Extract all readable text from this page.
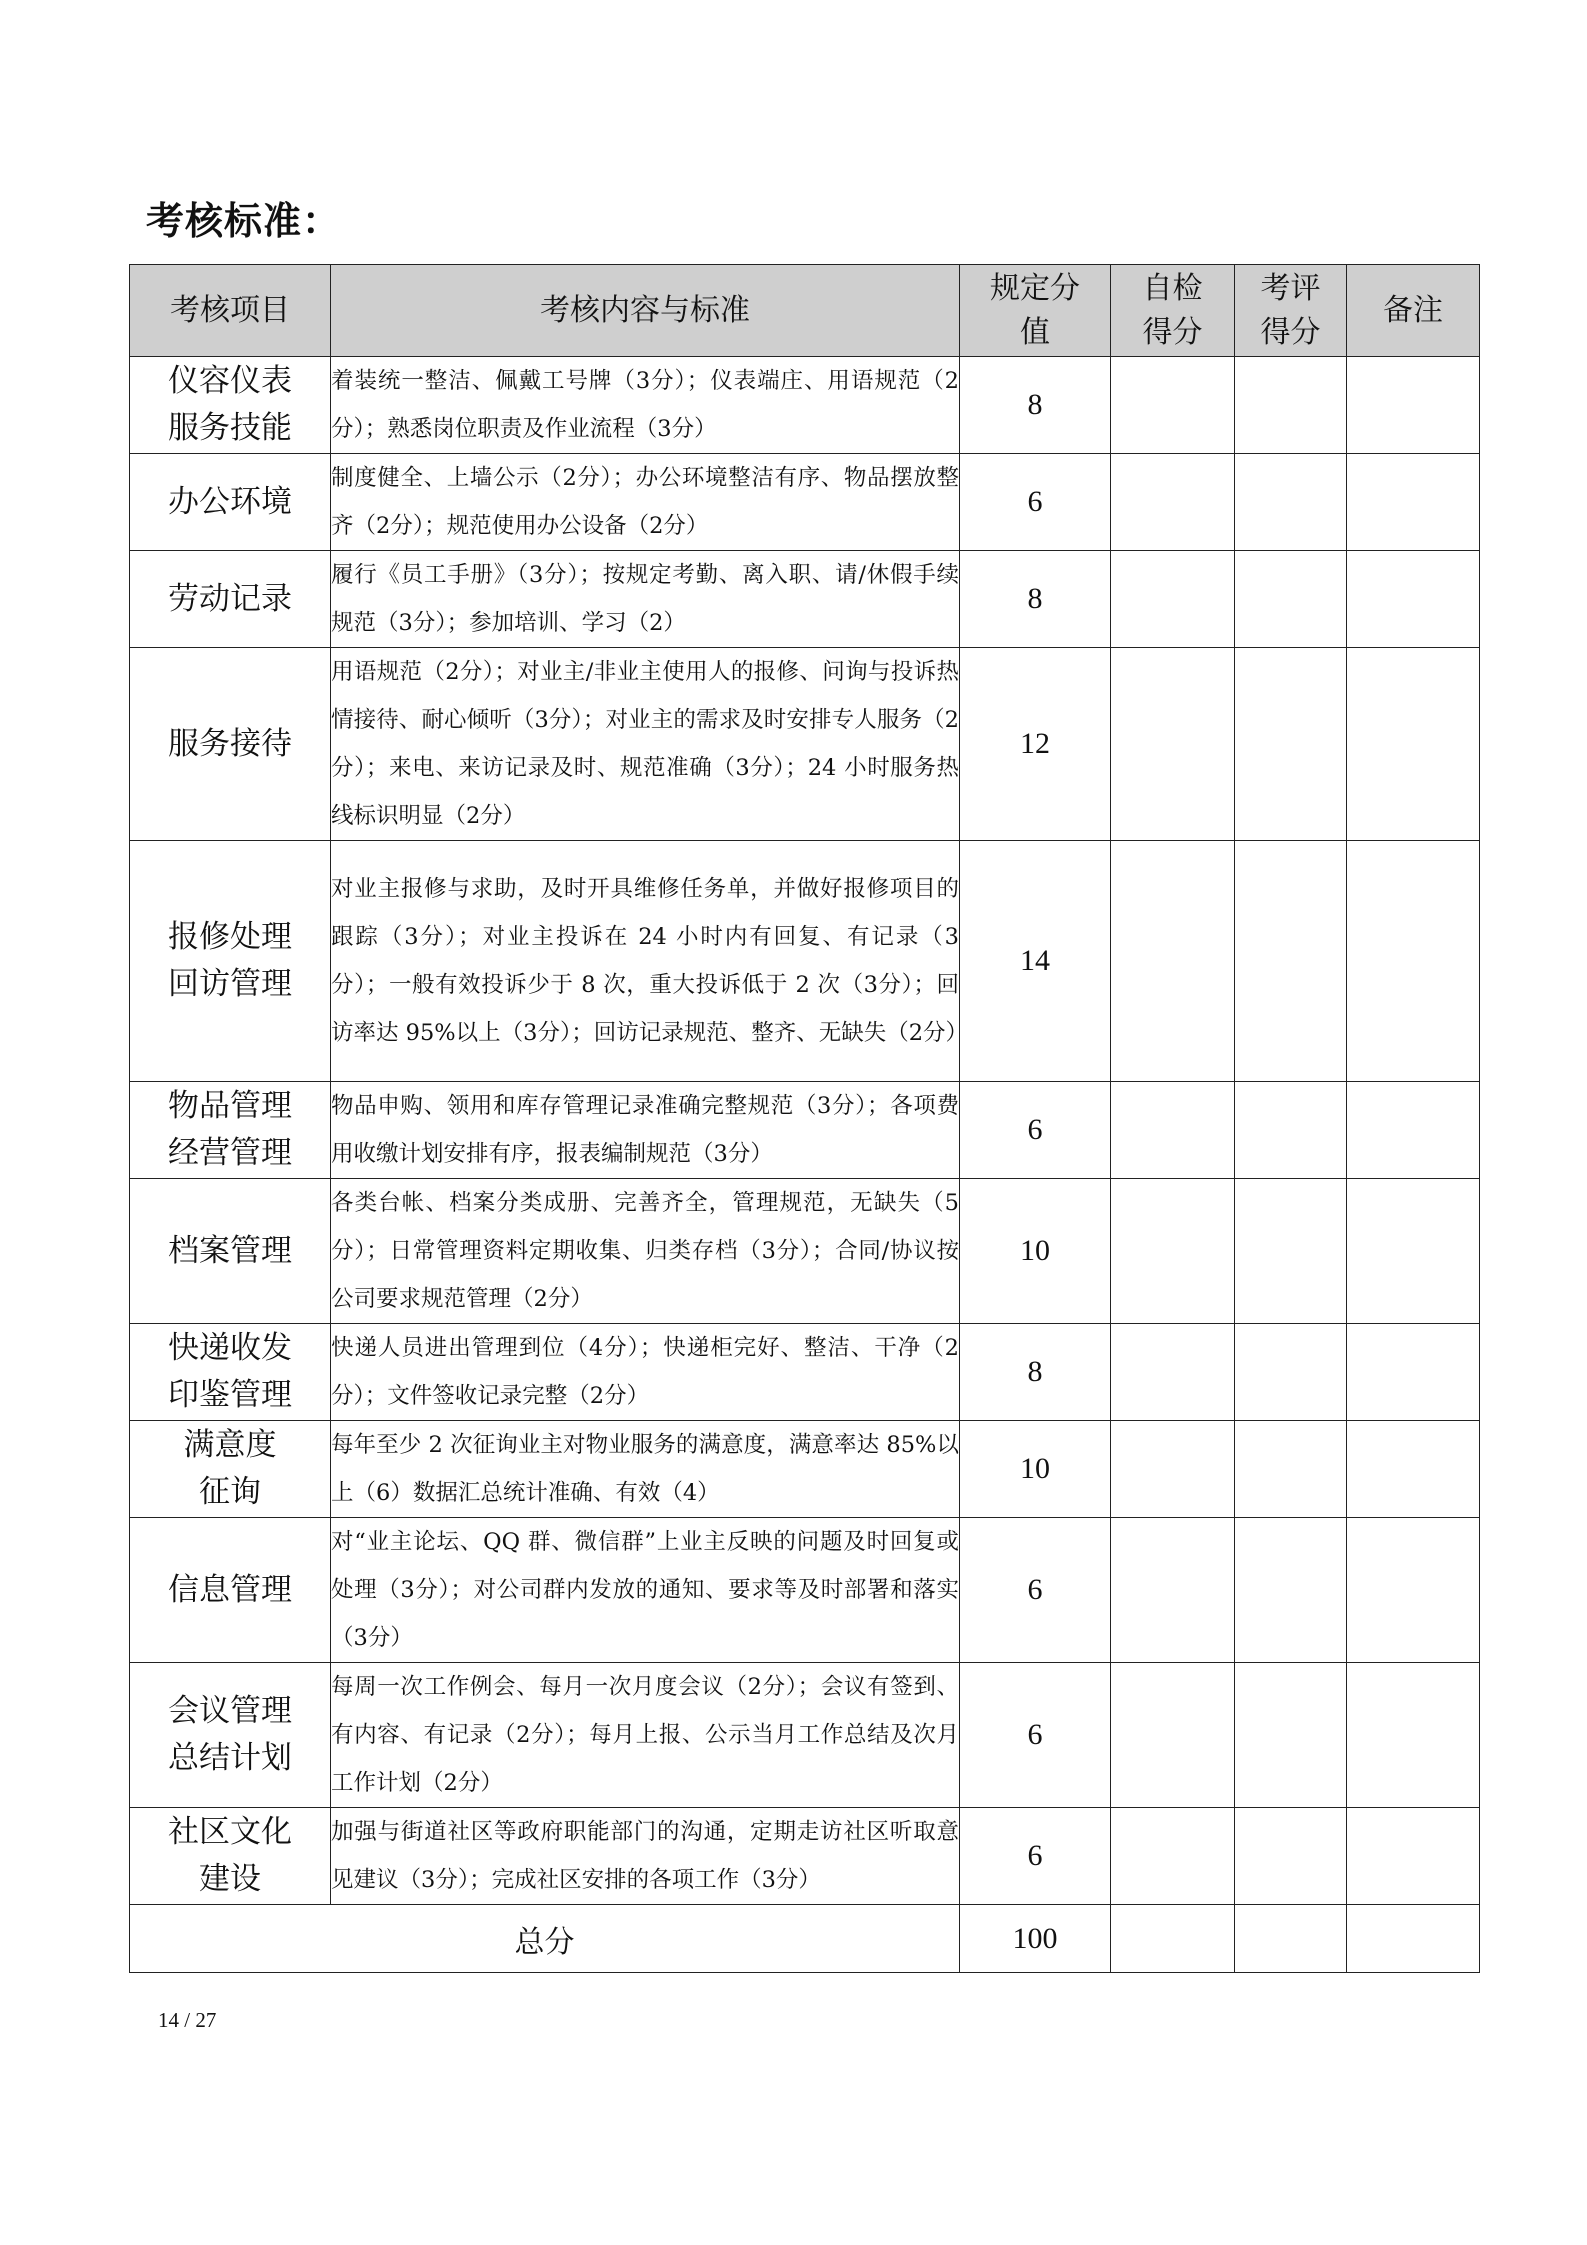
考核标准：
考核项目	考核内容与标准	规定分值	自检得分	考评得分	备注
仪容仪表服务技能	着装统一整洁、佩戴工号牌（3分）；仪表端庄、用语规范（2分）；熟悉岗位职责及作业流程（3分）	8			
办公环境	制度健全、上墙公示（2分）；办公环境整洁有序、物品摆放整齐（2分）；规范使用办公设备（2分）	6			
劳动记录	履行《员工手册》（3分）；按规定考勤、离入职、请/休假手续规范（3分）；参加培训、学习（2）	8			
服务接待	用语规范（2分）；对业主/非业主使用人的报修、问询与投诉热情接待、耐心倾听（3分）；对业主的需求及时安排专人服务（2分）；来电、来访记录及时、规范准确（3分）；24 小时服务热线标识明显（2分）	12			
报修处理回访管理	对业主报修与求助，及时开具维修任务单，并做好报修项目的跟踪（3分）；对业主投诉在 24 小时内有回复、有记录（3分）；一般有效投诉少于 8 次，重大投诉低于 2 次（3分）；回访率达 95%以上（3分）；回访记录规范、整齐、无缺失（2分）	14			
物品管理经营管理	物品申购、领用和库存管理记录准确完整规范（3分）；各项费用收缴计划安排有序，报表编制规范（3分）	6			
档案管理	各类台帐、档案分类成册、完善齐全，管理规范，无缺失（5分）；日常管理资料定期收集、归类存档（3分）；合同/协议按公司要求规范管理（2分）	10			
快递收发印鉴管理	快递人员进出管理到位（4分）；快递柜完好、整洁、干净（2分）；文件签收记录完整（2分）	8			
满意度征询	每年至少 2 次征询业主对物业服务的满意度，满意率达 85%以上（6）数据汇总统计准确、有效（4）	10			
信息管理	对“业主论坛、QQ 群、微信群”上业主反映的问题及时回复或处理（3分）；对公司群内发放的通知、要求等及时部署和落实（3分）	6			
会议管理总结计划	每周一次工作例会、每月一次月度会议（2分）；会议有签到、有内容、有记录（2分）；每月上报、公示当月工作总结及次月工作计划（2分）	6			
社区文化建设	加强与街道社区等政府职能部门的沟通，定期走访社区听取意见建议（3分）；完成社区安排的各项工作（3分）	6			
总分		100			
14 / 27
